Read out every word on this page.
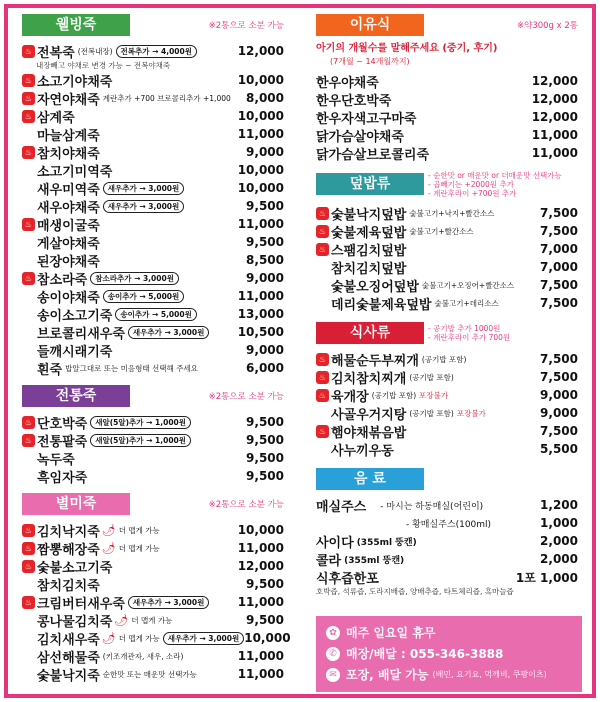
웰빙죽	※2통으로 소분 가능
♨ 전복죽 (전복내장)	전복추가 → 4,000원	12,000
내장빼고 야채로 변경 가능 ~ 전복야채죽
♨ 소고기야채죽	10,000
♨ 자연야채죽 계란추가 +700 브로콜리추가 +1,000 8,000
♨ 삼계죽	10,000
마늘삼계죽	11,000
♨ 참치야채죽	9,000
소고기미역죽	10,000
새우미역죽	새우추가 → 3,000원	10,000
새우야채죽	새우추가 → 3,000원	9,500
♨ 매생이굴죽	11,000
게살야채죽	9,500
된장야채죽	8,500
♨ 참소라죽	참소라추가 → 3,000원	9,000
송이야채죽	송이추가 → 5,000원	11,000
송이소고기죽	송이추가 → 5,000원	13,000
브로콜리새우죽	새우추가 → 3,000원	10,500
들깨시래기죽	9,000
흰죽 밥알그대로 또는 미음형태 선택해 주세요	6,000
전통죽	※2통으로 소분 가능
♨ 단호박죽	새알(5알)추가 → 1,000원	9,500
♨ 전통팥죽	새알(5알)추가 → 1,000원	9,500
녹두죽	9,500
흑임자죽	9,500
별미죽	※2통으로 소분 가능
♨ 김치낙지죽 🌶 더 맵게 가능	10,000
♨ 짬뽕해장죽 🌶 더 맵게 가능	11,000
♨ 숯불소고기죽	12,000
참치김치죽	9,500
♨ 크림버터새우죽	새우추가 → 3,000원	11,000
콩나물김치죽 🌶 더 맵게 가능	9,500
김치새우죽 🌶 더 맵게 가능	새우추가 → 3,000원 10,000
삼선해물죽 (키조개관자, 새우, 소라)	11,000
숯불낙지죽 순한맛 또는 매운맛 선택가능	11,000
이유식	※약300g x 2통
아기의 개월수를 말해주세요 (중기, 후기)
(7개월 ~ 14개월까지)
한우야채죽	12,000
한우단호박죽	12,000
한우자색고구마죽	12,000
닭가슴살야채죽	11,000
닭가슴살브로콜리죽	11,000
덮밥류
- 순한맛 or 매운맛 or 더매운맛 선택가능
- 곱빼기는 +2000원 추가
- 계란후라이 +700원 추가
♨ 숯불낙지덮밥 숯불고기+낙지+빨간소스	7,500
♨ 숯불제육덮밥 숯불고기+빨간소스	7,500
♨ 스팸김치덮밥	7,000
참치김치덮밥	7,000
숯불오징어덮밥 숯불고기+오징어+빨간소스 7,500
데리숯불제육덮밥 숯불고기+데리소스	7,500
식사류	- 공기밥 추가 1000원
- 계란후라이 추가 700원
♨ 해물순두부찌개 (공기밥 포함)	7,500
♨ 김치참치찌개 (공기밥 포함)	7,500
♨ 육개장 (공기밥 포함) 포장불가	9,000
사골우거지탕 (공기밥 포함) 포장불가	9,000
♨ 햄야채볶음밥	7,500
사누끼우동	5,500
음 료
매실주스 - 마시는 하동매실(어린이)	1,200
- 황매실주스(100ml)	1,000
사이다 (355ml 뚱캔)	2,000
콜라 (355ml 뚱캔)	2,000
식후즙한포	1포 1,000
호박즙, 석류즙, 도라지배즙, 양배추즙, 타트체리즙, 흑마늘즙
✿ 매주 일요일 휴무
✆ 매장/배달 : 055-346-3888
✉ 포장, 배달 가능 (배민, 요기요, 먹깨비, 쿠팡이츠)
